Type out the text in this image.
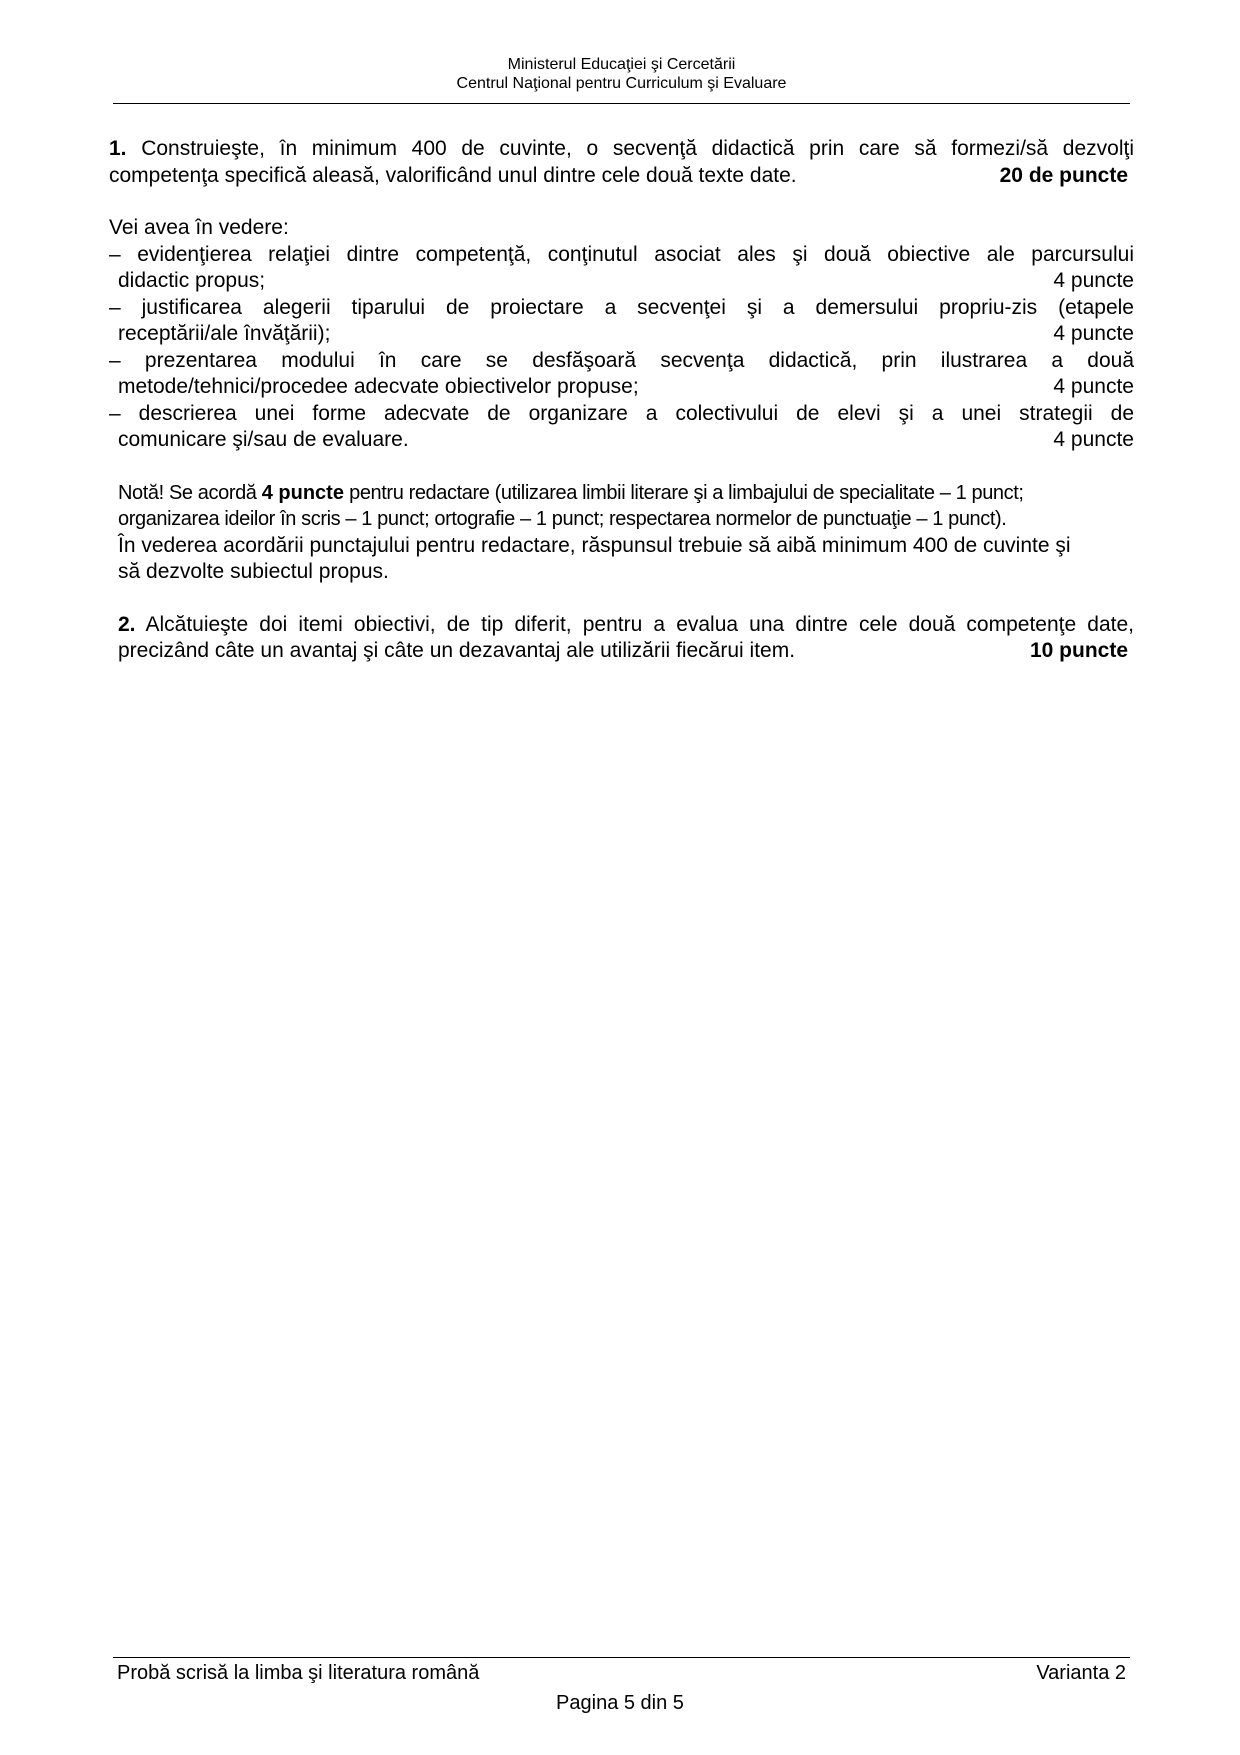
Ministerul Educaţiei şi Cercetării
Centrul Naţional pentru Curriculum şi Evaluare

1. Construieşte, în minimum 400 de cuvinte, o secvenţă didactică prin care să formezi/să dezvolţi

competenţa specifică aleasă, valorificând unul dintre cele două texte date.	20 de puncte
Vei avea în vedere:
– evidenţierea relaţiei dintre competenţă, conţinutul asociat ales şi două obiective ale parcursului
didactic propus;	4 puncte
– justificarea alegerii tiparului de proiectare a secvenţei şi a demersului propriu-zis (etapele
receptării/ale învăţării);	4 puncte
– prezentarea modului în care se desfăşoară secvenţa didactică, prin ilustrarea a două
metode/tehnici/procedee adecvate obiectivelor propuse;	4 puncte
– descrierea unei forme adecvate de organizare a colectivului de elevi şi a unei strategii de
comunicare şi/sau de evaluare.	4 puncte
Notă! Se acordă 4 puncte pentru redactare (utilizarea limbii literare şi a limbajului de specialitate – 1 punct;
organizarea ideilor în scris – 1 punct; ortografie – 1 punct; respectarea normelor de punctuaţie – 1 punct).
În vederea acordării punctajului pentru redactare, răspunsul trebuie să aibă minimum 400 de cuvinte şi
să dezvolte subiectul propus.
2. Alcătuieşte doi itemi obiectivi, de tip diferit, pentru a evalua una dintre cele două competenţe date,
precizând câte un avantaj şi câte un dezavantaj ale utilizării fiecărui item.	10 puncte
Probă scrisă la limba şi literatura română	Varianta 2
Pagina 5 din 5
